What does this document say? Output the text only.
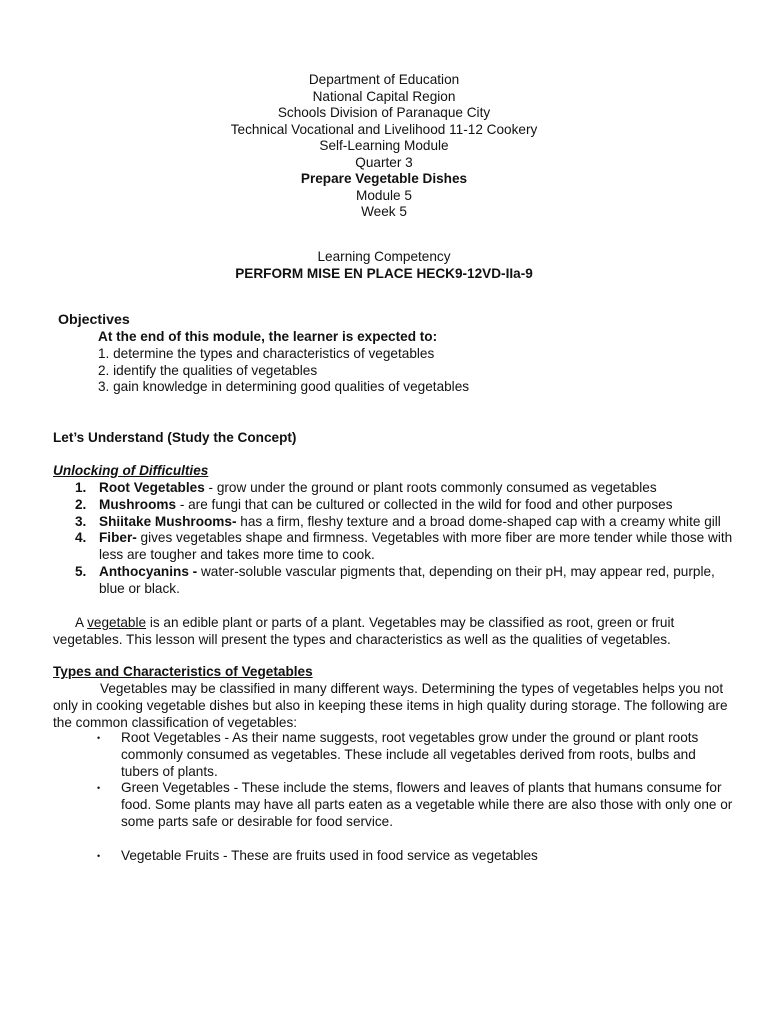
Department of Education
National Capital Region
Schools Division of Paranaque City
Technical Vocational and Livelihood 11-12 Cookery
Self-Learning Module
Quarter 3
Prepare Vegetable Dishes
Module 5
Week 5
Learning Competency
PERFORM MISE EN PLACE HECK9-12VD-IIa-9
Objectives
At the end of this module, the learner is expected to:
1. determine the types and characteristics of vegetables
2. identify the qualities of vegetables
3. gain knowledge in determining good qualities of vegetables
Let’s Understand (Study the Concept)
Unlocking of Difficulties
1. Root Vegetables - grow under the ground or plant roots commonly consumed as vegetables
2. Mushrooms - are fungi that can be cultured or collected in the wild for food and other purposes
3. Shiitake Mushrooms- has a firm, fleshy texture and a broad dome-shaped cap with a creamy white gill
4. Fiber- gives vegetables shape and firmness. Vegetables with more fiber are more tender while those with less are tougher and takes more time to cook.
5. Anthocyanins - water-soluble vascular pigments that, depending on their pH, may appear red, purple, blue or black.
A vegetable is an edible plant or parts of a plant. Vegetables may be classified as root, green or fruit vegetables. This lesson will present the types and characteristics as well as the qualities of vegetables.
Types and Characteristics of Vegetables
Vegetables may be classified in many different ways. Determining the types of vegetables helps you not only in cooking vegetable dishes but also in keeping these items in high quality during storage. The following are the common classification of vegetables:
•	Root Vegetables - As their name suggests, root vegetables grow under the ground or plant roots commonly consumed as vegetables. These include all vegetables derived from roots, bulbs and tubers of plants.
•	Green Vegetables - These include the stems, flowers and leaves of plants that humans consume for food. Some plants may have all parts eaten as a vegetable while there are also those with only one or some parts safe or desirable for food service.
•	Vegetable Fruits - These are fruits used in food service as vegetables
